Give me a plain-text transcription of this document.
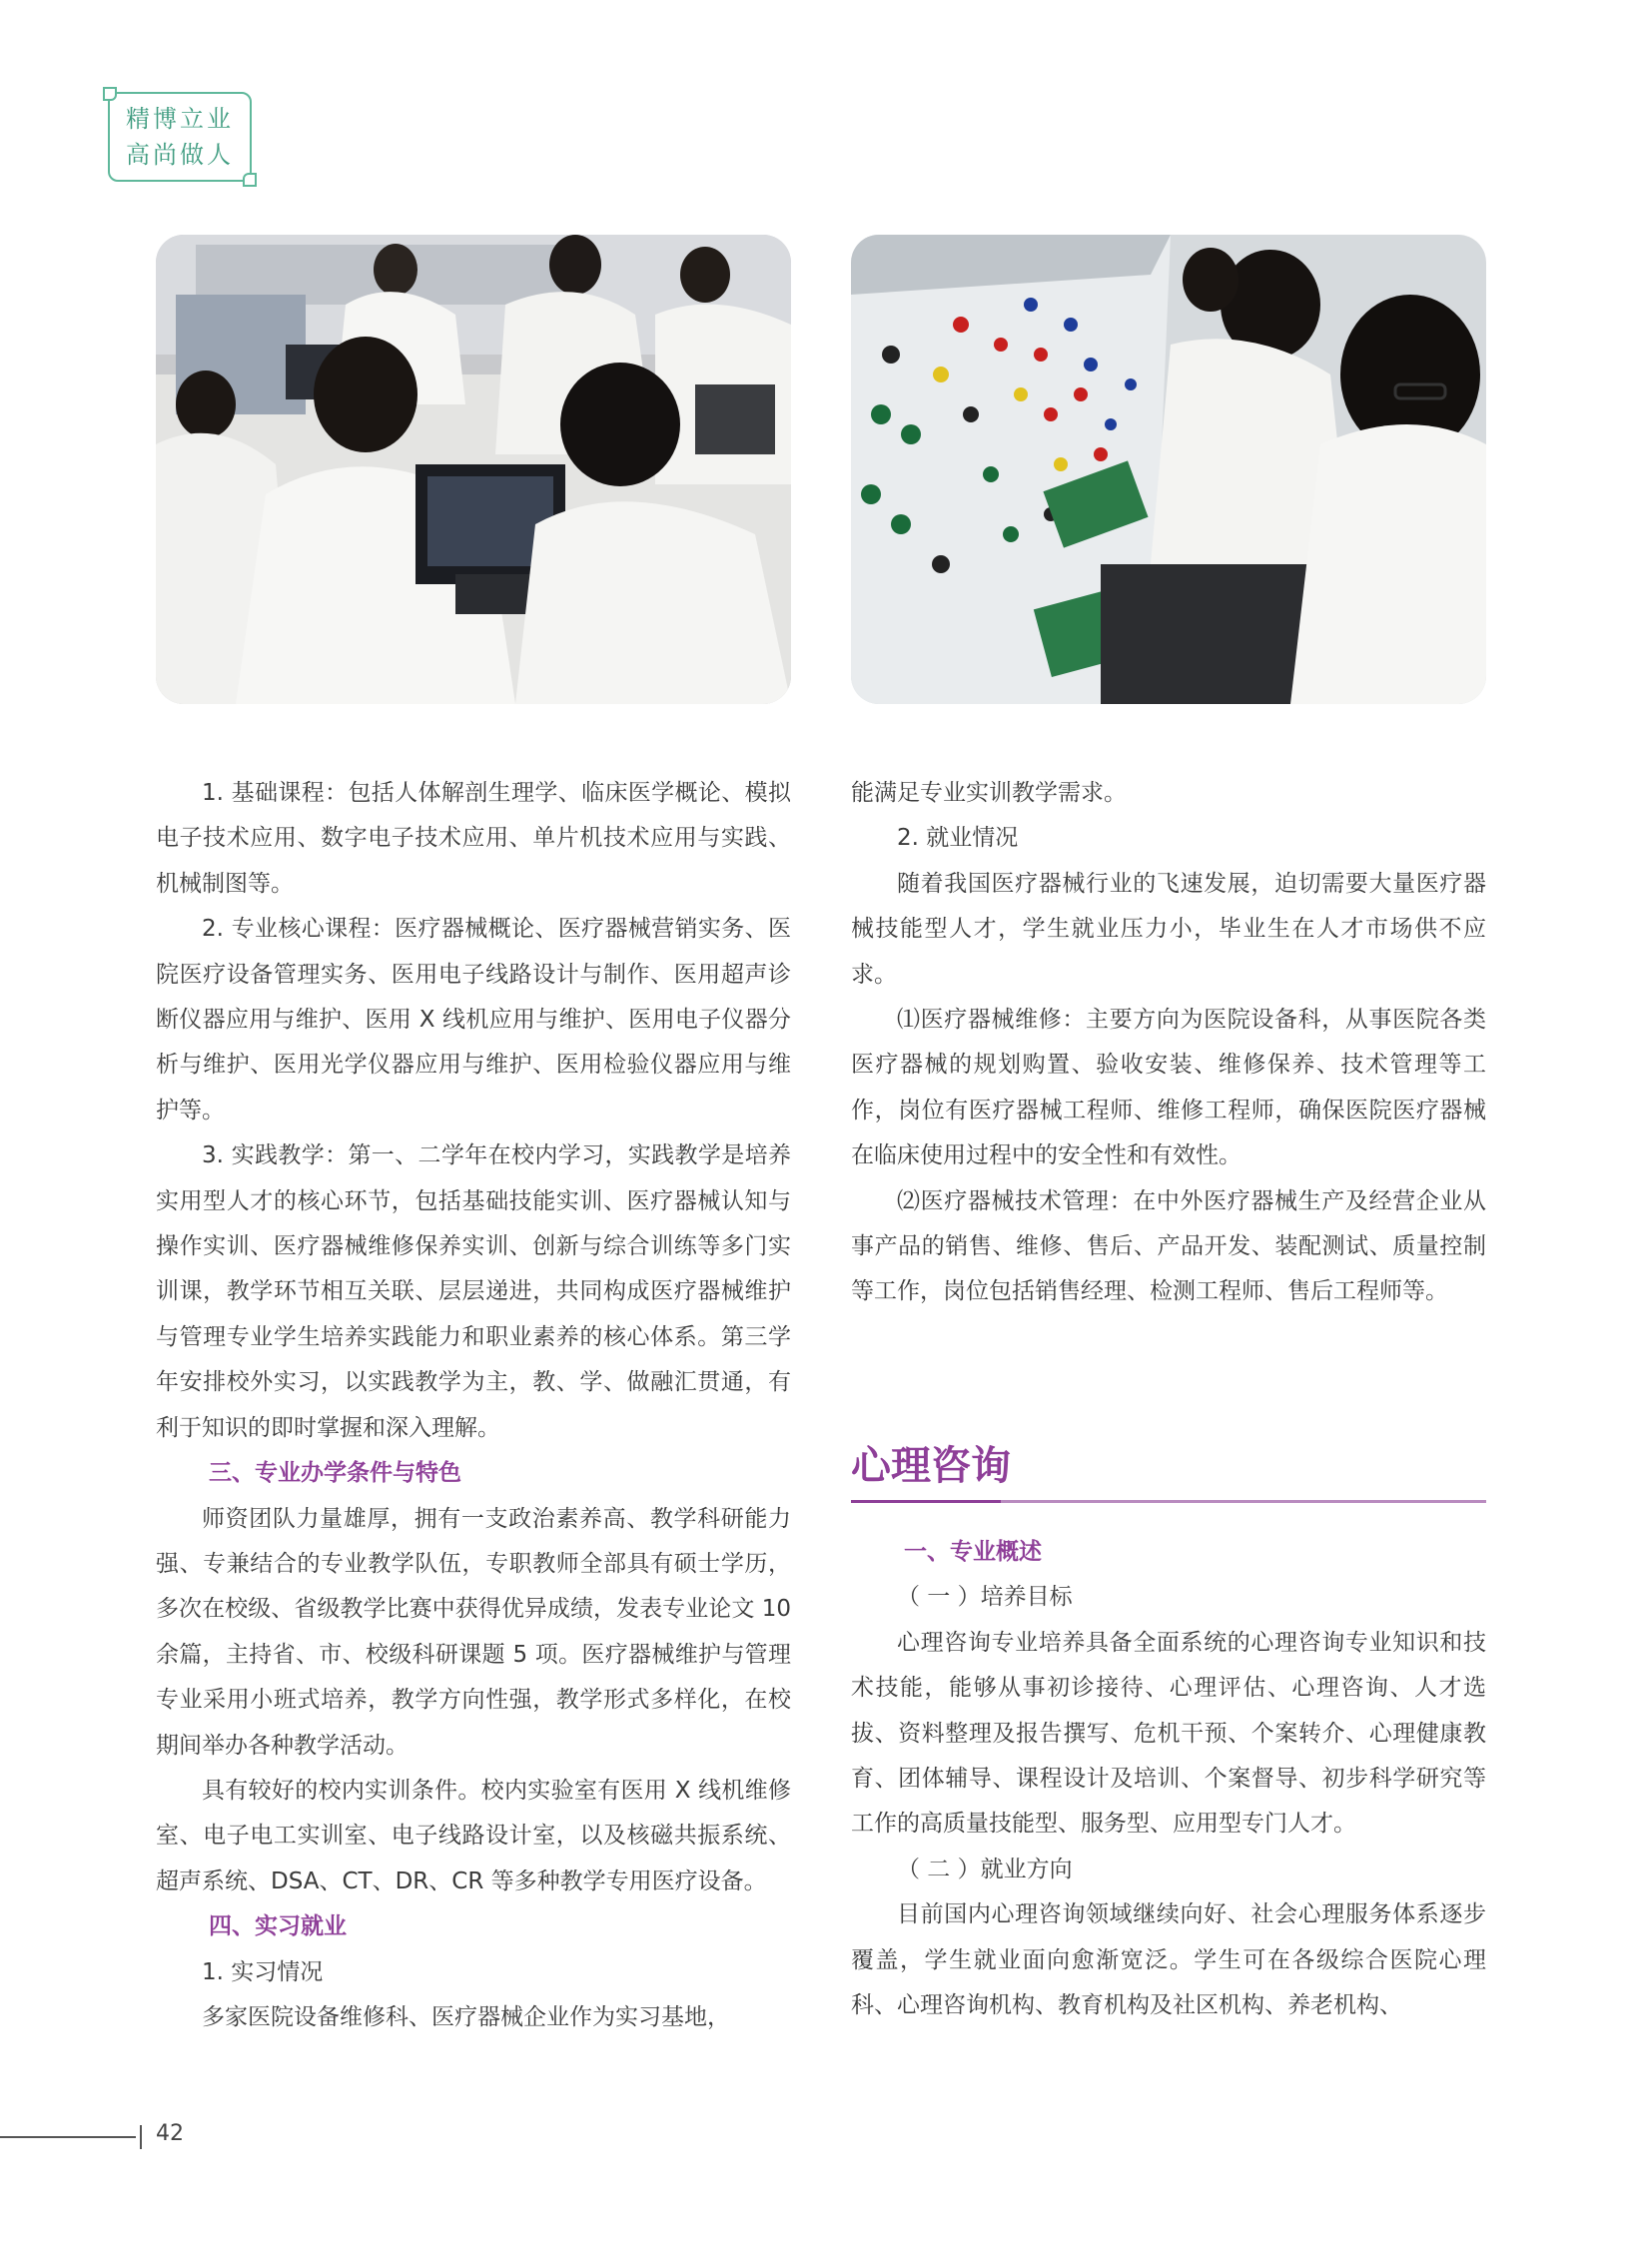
精博立业
高尚做人

1. 基础课程：包括人体解剖生理学、临床医学概论、模拟电子技术应用、数字电子技术应用、单片机技术应用与实践、机械制图等。

2. 专业核心课程：医疗器械概论、医疗器械营销实务、医院医疗设备管理实务、医用电子线路设计与制作、医用超声诊断仪器应用与维护、医用 X 线机应用与维护、医用电子仪器分析与维护、医用光学仪器应用与维护、医用检验仪器应用与维护等。

3. 实践教学：第一、二学年在校内学习，实践教学是培养实用型人才的核心环节，包括基础技能实训、医疗器械认知与操作实训、医疗器械维修保养实训、创新与综合训练等多门实训课，教学环节相互关联、层层递进，共同构成医疗器械维护与管理专业学生培养实践能力和职业素养的核心体系。第三学年安排校外实习，以实践教学为主，教、学、做融汇贯通，有利于知识的即时掌握和深入理解。

三、专业办学条件与特色

师资团队力量雄厚，拥有一支政治素养高、教学科研能力强、专兼结合的专业教学队伍，专职教师全部具有硕士学历，多次在校级、省级教学比赛中获得优异成绩，发表专业论文 10 余篇，主持省、市、校级科研课题 5 项。医疗器械维护与管理专业采用小班式培养，教学方向性强，教学形式多样化，在校期间举办各种教学活动。

具有较好的校内实训条件。校内实验室有医用 X 线机维修室、电子电工实训室、电子线路设计室，以及核磁共振系统、超声系统、DSA、CT、DR、CR 等多种教学专用医疗设备。

四、实习就业

1. 实习情况

多家医院设备维修科、医疗器械企业作为实习基地，

能满足专业实训教学需求。

2. 就业情况

随着我国医疗器械行业的飞速发展，迫切需要大量医疗器械技能型人才，学生就业压力小，毕业生在人才市场供不应求。

⑴医疗器械维修：主要方向为医院设备科，从事医院各类医疗器械的规划购置、验收安装、维修保养、技术管理等工作，岗位有医疗器械工程师、维修工程师，确保医院医疗器械在临床使用过程中的安全性和有效性。

⑵医疗器械技术管理：在中外医疗器械生产及经营企业从事产品的销售、维修、售后、产品开发、装配测试、质量控制等工作，岗位包括销售经理、检测工程师、售后工程师等。

心理咨询
一、专业概述

（ 一 ）培养目标

心理咨询专业培养具备全面系统的心理咨询专业知识和技术技能，能够从事初诊接待、心理评估、心理咨询、人才选拔、资料整理及报告撰写、危机干预、个案转介、心理健康教育、团体辅导、课程设计及培训、个案督导、初步科学研究等工作的高质量技能型、服务型、应用型专门人才。

（ 二 ）就业方向

目前国内心理咨询领域继续向好、社会心理服务体系逐步覆盖，学生就业面向愈渐宽泛。学生可在各级综合医院心理科、心理咨询机构、教育机构及社区机构、养老机构、

42
